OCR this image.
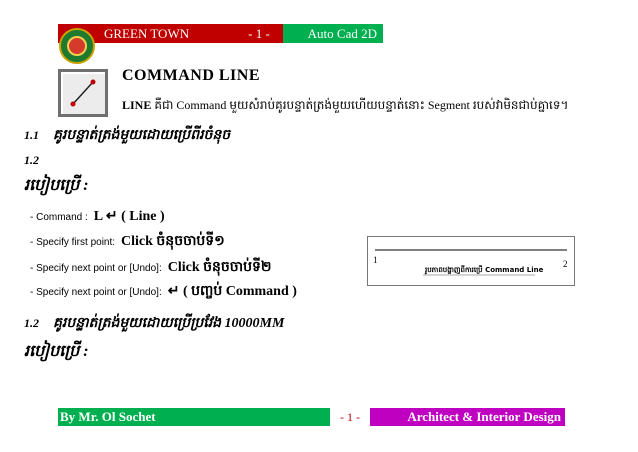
GREEN TOWN	- 1 -	Auto Cad 2D
COMMAND LINE
LINE គឺជា Command មួយសំរាប់គូរបន្ទាត់ត្រង់មួយហើយបន្ទាត់នោះ Segment របស់វាមិនជាប់គ្នាទេ។
1.1 គូរបន្ទាត់ត្រង់មួយដោយប្រើពីរចំនុច
1.2
របៀបប្រើ :
- Command : L ↵ ( Line )
- Specify first point: Click ចំនុចចាប់ទី១
- Specify next point or [Undo]: Click ចំនុចចាប់ទី២
- Specify next point or [Undo]: ↵ ( បញ្ចប់ Command )
1	2
រូបភាពបង្ហាញពីការប្រើ Command Line
1.2 គូរបន្ទាត់ត្រង់មួយដោយប្រើប្រវែង 10000MM
របៀបប្រើ :
By Mr. Ol Sochet	- 1 -	Architect & Interior Design
